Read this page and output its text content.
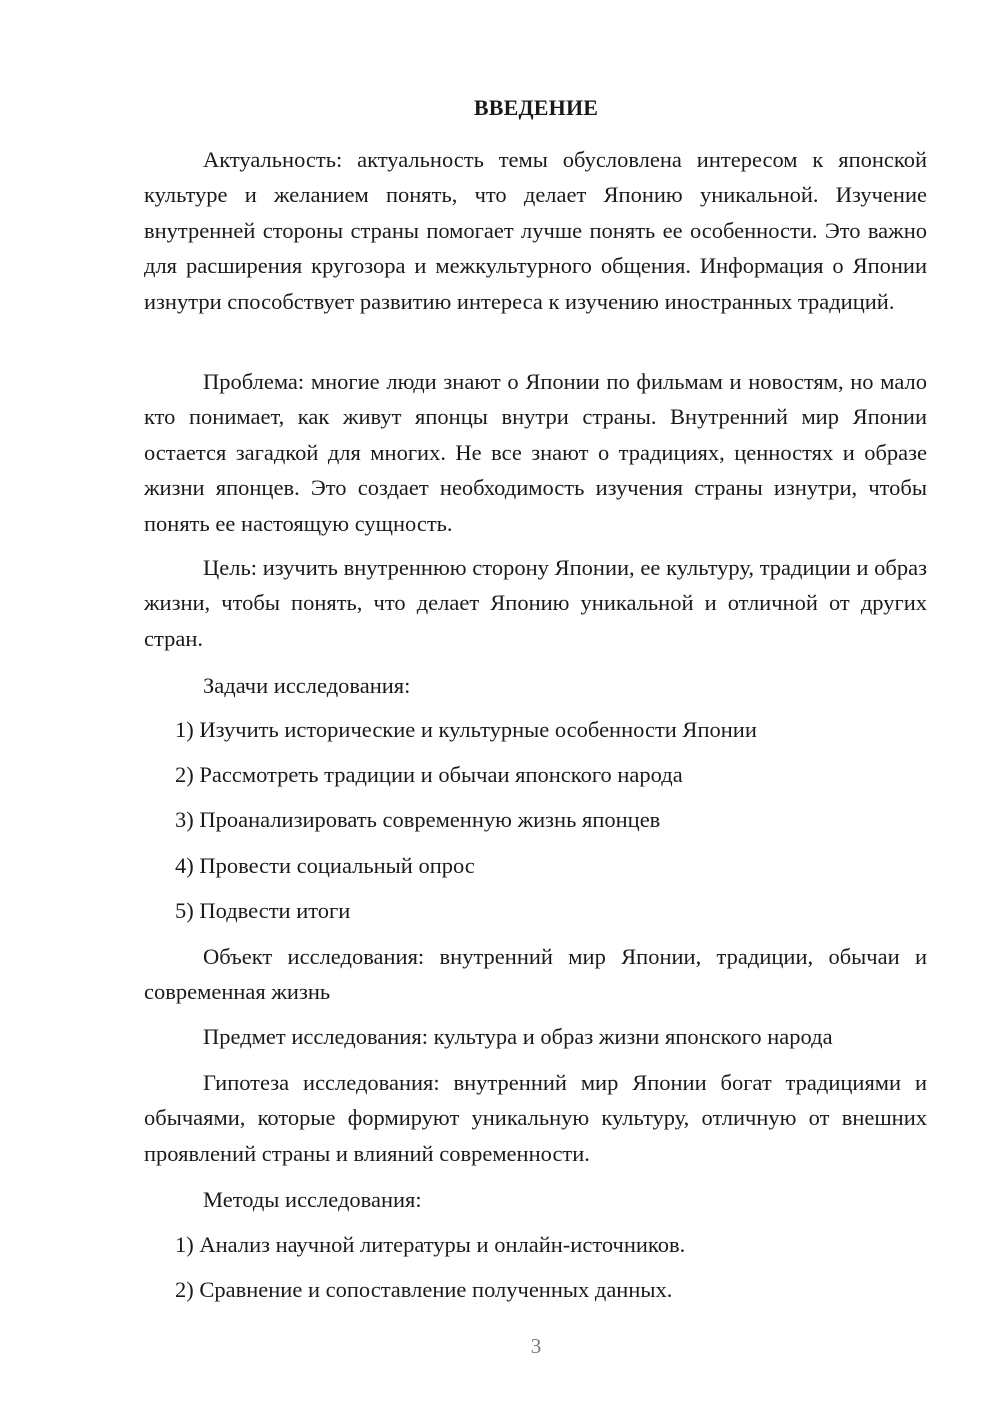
ВВЕДЕНИЕ

Актуальность: актуальность темы обусловлена интересом к японской культуре и желанием понять, что делает Японию уникальной. Изучение внутренней стороны страны помогает лучше понять ее особенности. Это важно для расширения кругозора и межкультурного общения. Информация о Японии изнутри способствует развитию интереса к изучению иностранных традиций.

Проблема: многие люди знают о Японии по фильмам и новостям, но мало кто понимает, как живут японцы внутри страны. Внутренний мир Японии остается загадкой для многих. Не все знают о традициях, ценностях и образе жизни японцев. Это создает необходимость изучения страны изнутри, чтобы понять ее настоящую сущность.

Цель: изучить внутреннюю сторону Японии, ее культуру, традиции и образ жизни, чтобы понять, что делает Японию уникальной и отличной от других стран.

Задачи исследования:

1) Изучить исторические и культурные особенности Японии

2) Рассмотреть традиции и обычаи японского народа

3) Проанализировать современную жизнь японцев

4) Провести социальный опрос

5) Подвести итоги

Объект исследования: внутренний мир Японии, традиции, обычаи и современная жизнь

Предмет исследования: культура и образ жизни японского народа

Гипотеза исследования: внутренний мир Японии богат традициями и обычаями, которые формируют уникальную культуру, отличную от внешних проявлений страны и влияний современности.

Методы исследования:

1) Анализ научной литературы и онлайн-источников.

2) Сравнение и сопоставление полученных данных.

3
